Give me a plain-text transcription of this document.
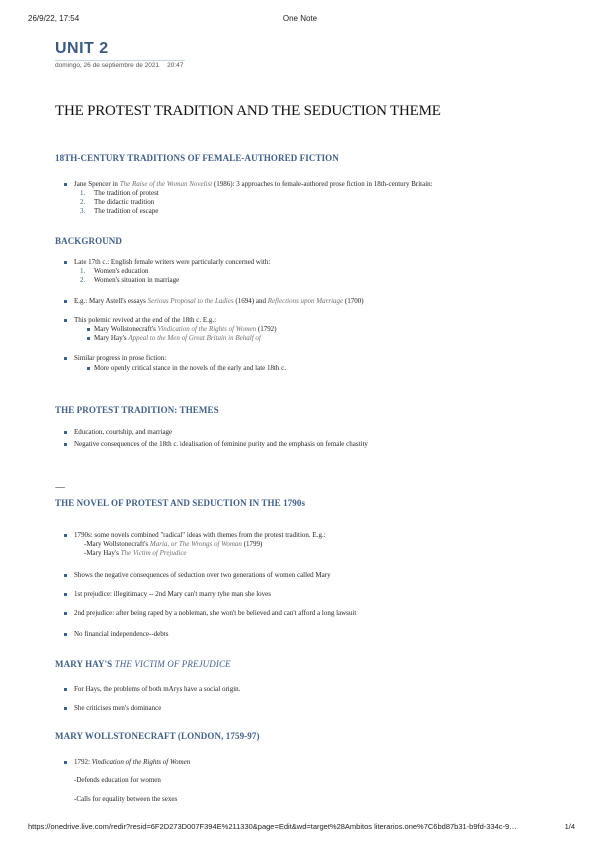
26/9/22, 17:54	One Note
UNIT 2
domingo, 26 de septiembre de 2021 20:47
THE PROTEST TRADITION AND THE SEDUCTION THEME
18TH-CENTURY TRADITIONS OF FEMALE-AUTHORED FICTION
Jane Spencer in The Raise of the Woman Novelist (1986): 3 approaches to female-authored prose fiction in 18th-century Britain:
1. The tradition of protest
2. The didactic tradition
3. The tradition of escape
BACKGROUND
Late 17th c.: English female writers were particularly concerned with:
1. Women's education
2. Women's situation in marriage
E.g.: Mary Astell's essays Serious Proposal to the Ladies (1694) and Reflections upon Marriage (1700)
This polemic revived at the end of the 18th c. E.g.:
Mary Wollstonecraft's Vindication of the Rights of Women (1792)
Mary Hay's Appeal to the Men of Great Britain in Behalf of
Similar progress in prose fiction:
More openly critical stance in the novels of the early and late 18th c.
THE PROTEST TRADITION: THEMES
Education, courtship, and marriage
Negative consequences of the 18th c. idealisation of feminine purity and the emphasis on female chastity
-------
THE NOVEL OF PROTEST AND SEDUCTION IN THE 1790s
1790s: some novels combined "radical" ideas with themes from the protest tradition. E.g.:
-Mary Wollstonecraft's Maria, or The Wrongs of Woman (1799)
-Mary Hay's The Victim of Prejudice
Shows the negative consequences of seduction over two generations of women called Mary
1st prejudice: illegitimacy -- 2nd Mary can't marry tyhe man she loves
2nd prejudice: after being raped by a nobleman, she won't be believed and can't afford a long lawsuit
No financial independence--debts
MARY HAY'S THE VICTIM OF PREJUDICE
For Hays, the problems of both mArys have a social origin.
She criticises men's dominance
MARY WOLLSTONECRAFT (LONDON, 1759-97)
1792: Vindication of the Rights of Women
-Defends education for women
-Calls for equality between the sexes
https://onedrive.live.com/redir?resid=6F2D273D007F394E%211330&page=Edit&wd=target%28Ambitos literarios.one%7C6bd87b31-b9fd-334c-9…	1/4
